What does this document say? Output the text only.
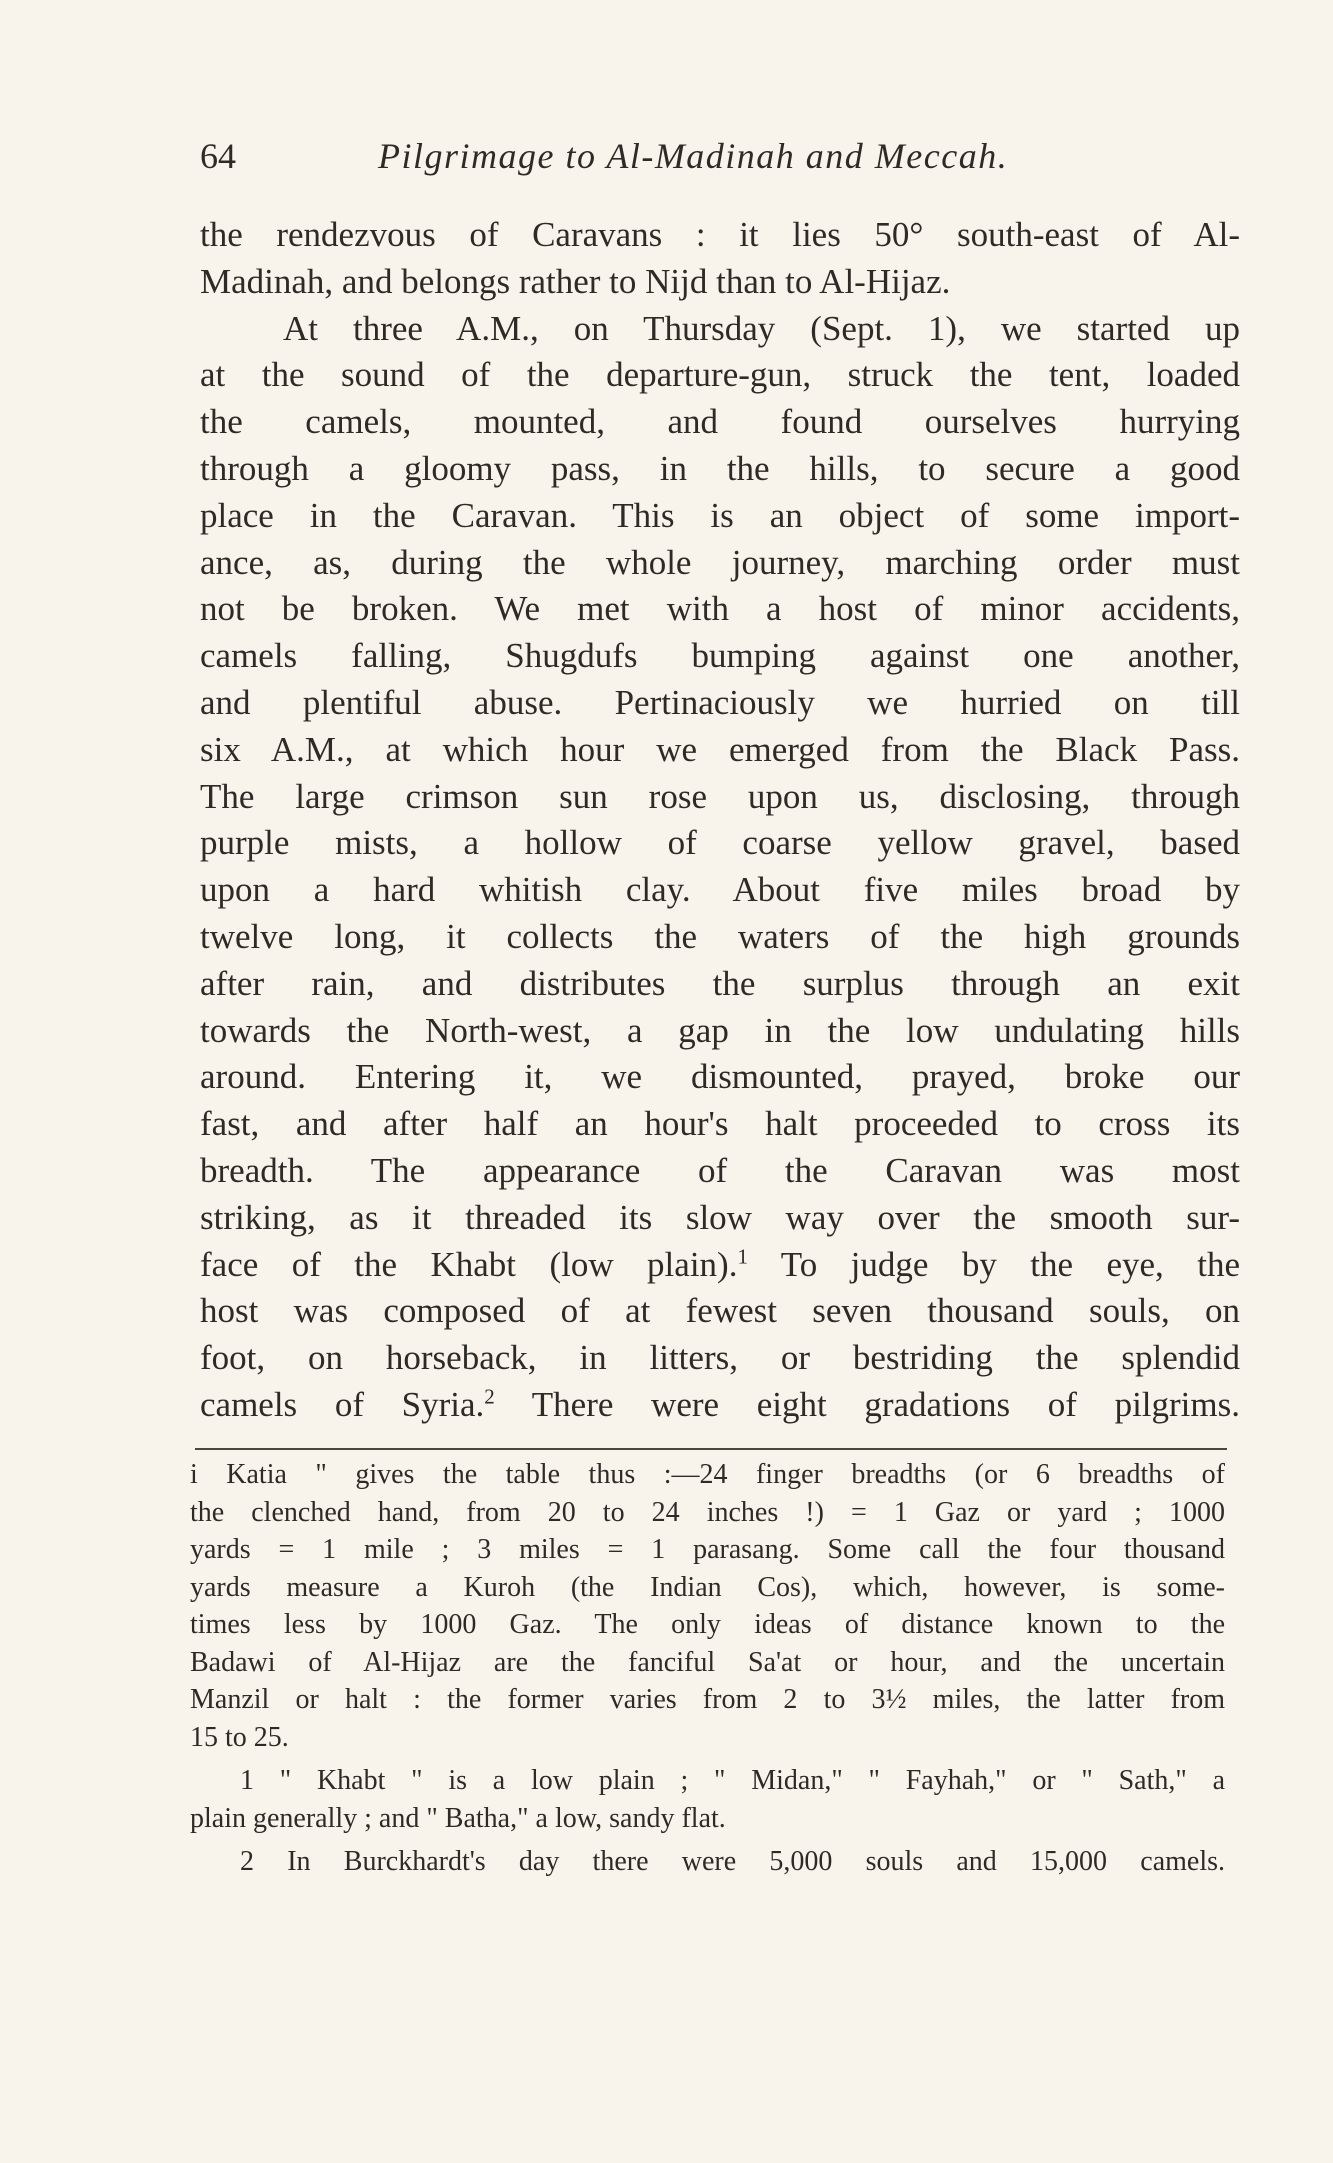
64	Pilgrimage to Al-Madinah and Meccah.
the rendezvous of Caravans : it lies 50° south-east of Al-
Madinah, and belongs rather to Nijd than to Al-Hijaz.
At three A.M., on Thursday (Sept. 1), we started up
at the sound of the departure-gun, struck the tent, loaded
the camels, mounted, and found ourselves hurrying
through a gloomy pass, in the hills, to secure a good
place in the Caravan. This is an object of some import-
ance, as, during the whole journey, marching order must
not be broken. We met with a host of minor accidents,
camels falling, Shugdufs bumping against one another,
and plentiful abuse. Pertinaciously we hurried on till
six A.M., at which hour we emerged from the Black Pass.
The large crimson sun rose upon us, disclosing, through
purple mists, a hollow of coarse yellow gravel, based
upon a hard whitish clay. About five miles broad by
twelve long, it collects the waters of the high grounds
after rain, and distributes the surplus through an exit
towards the North-west, a gap in the low undulating hills
around. Entering it, we dismounted, prayed, broke our
fast, and after half an hour's halt proceeded to cross its
breadth. The appearance of the Caravan was most
striking, as it threaded its slow way over the smooth sur-
face of the Khabt (low plain).$^1$ To judge by the eye, the
host was composed of at fewest seven thousand souls, on
foot, on horseback, in litters, or bestriding the splendid
camels of Syria.$^2$ There were eight gradations of pilgrims.
i Katia " gives the table thus :—24 finger breadths (or 6 breadths of
the clenched hand, from 20 to 24 inches !) = 1 Gaz or yard ; 1000
yards = 1 mile ; 3 miles = 1 parasang. Some call the four thousand
yards measure a Kuroh (the Indian Cos), which, however, is some-
times less by 1000 Gaz. The only ideas of distance known to the
Badawi of Al-Hijaz are the fanciful Sa'at or hour, and the uncertain
Manzil or halt : the former varies from 2 to 3½ miles, the latter from
15 to 25.
1 " Khabt " is a low plain ; " Midan," " Fayhah," or " Sath," a
plain generally ; and " Batha," a low, sandy flat.
2 In Burckhardt's day there were 5,000 souls and 15,000 camels.
